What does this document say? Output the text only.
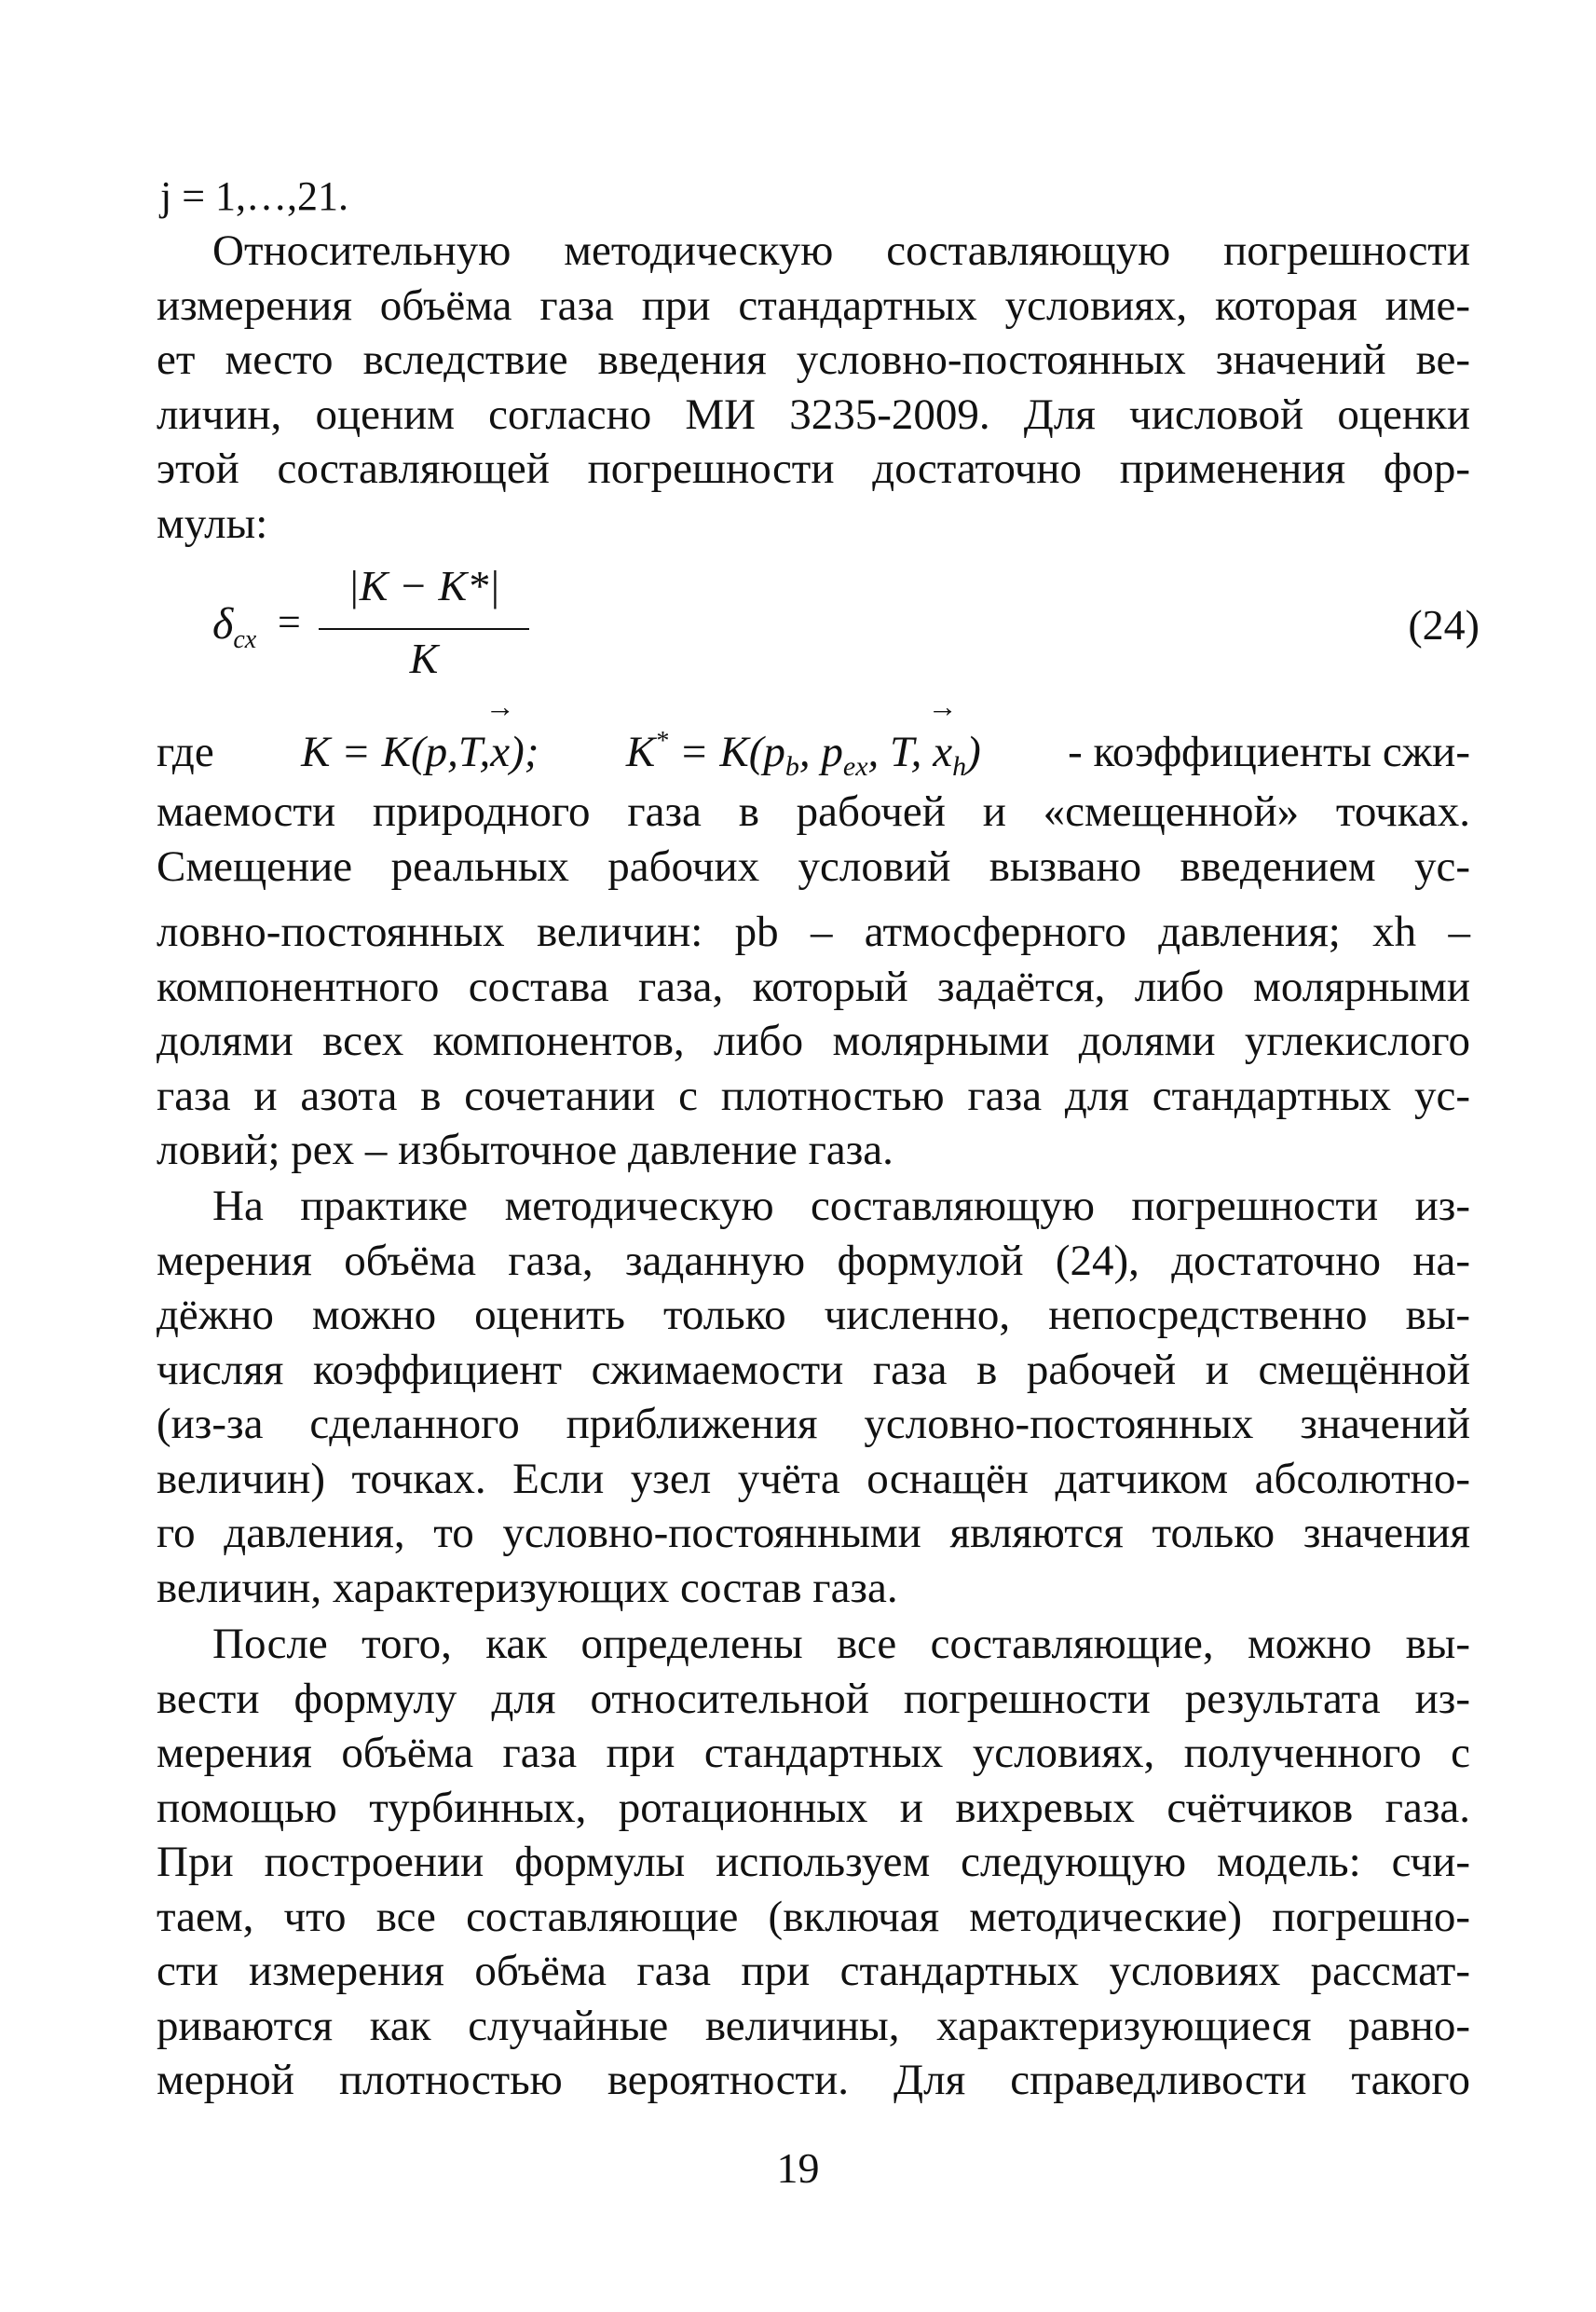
j = 1,…,21.
Относительную методическую составляющую погрешности
измерения объёма газа при стандартных условиях, которая име-
ет место вследствие введения условно-постоянных значений ве-
личин, оценим согласно МИ 3235-2009. Для числовой оценки
этой составляющей погрешности достаточно применения фор-
мулы:
$\delta_{cx}$ =
|K − K*|
K
(24)
где K = K(p,T,x
→
); $K^* = K(p_b$, $p_{ex}$, T, x
→
$_h$) - коэффициенты сжи-
маемости природного газа в рабочей и «смещенной» точках.
Смещение реальных рабочих условий вызвано введением ус-
ловно-постоянных величин: pb – атмосферного давления; xh –
компонентного состава газа, который задаётся, либо молярными
долями всех компонентов, либо молярными долями углекислого
газа и азота в сочетании с плотностью газа для стандартных ус-
ловий; pex – избыточное давление газа.
На практике методическую составляющую погрешности из-
мерения объёма газа, заданную формулой (24), достаточно на-
дёжно можно оценить только численно, непосредственно вы-
числяя коэффициент сжимаемости газа в рабочей и смещённой
(из-за сделанного приближения условно-постоянных значений
величин) точках. Если узел учёта оснащён датчиком абсолютно-
го давления, то условно-постоянными являются только значения
величин, характеризующих состав газа.
После того, как определены все составляющие, можно вы-
вести формулу для относительной погрешности результата из-
мерения объёма газа при стандартных условиях, полученного с
помощью турбинных, ротационных и вихревых счётчиков газа.
При построении формулы используем следующую модель: счи-
таем, что все составляющие (включая методические) погрешно-
сти измерения объёма газа при стандартных условиях рассмат-
риваются как случайные величины, характеризующиеся равно-
мерной плотностью вероятности. Для справедливости такого
19
